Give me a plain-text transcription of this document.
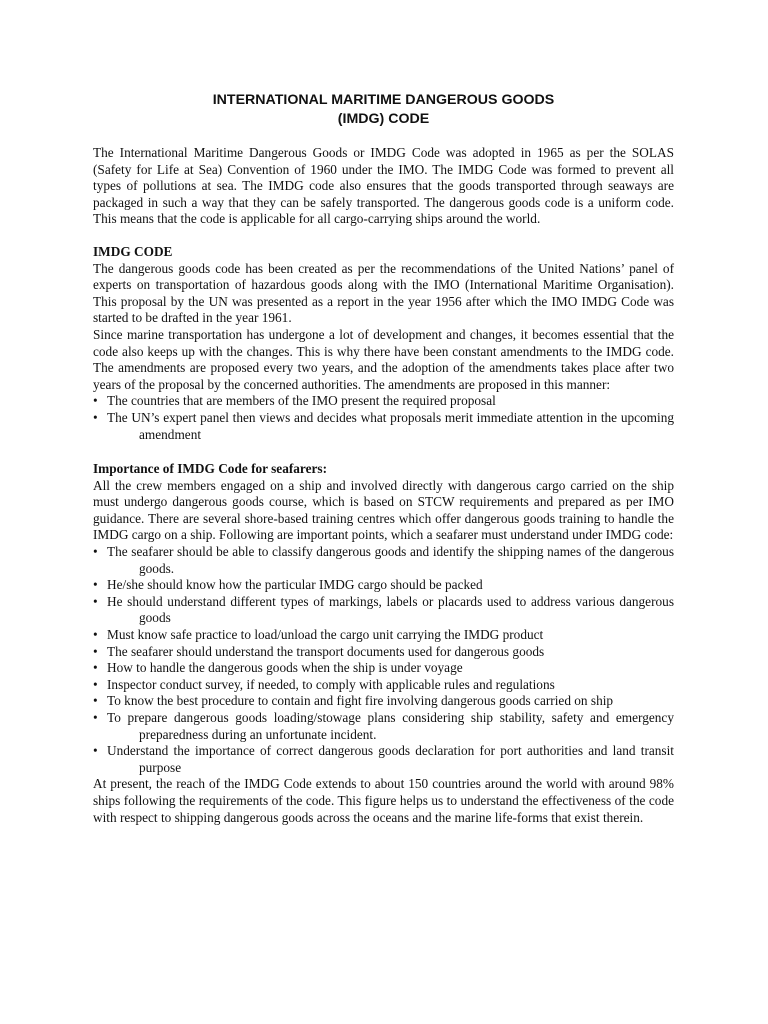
INTERNATIONAL MARITIME DANGEROUS GOODS
(IMDG) CODE

The International Maritime Dangerous Goods or IMDG Code was adopted in 1965 as per the SOLAS (Safety for Life at Sea) Convention of 1960 under the IMO. The IMDG Code was formed to prevent all types of pollutions at sea. The IMDG code also ensures that the goods transported through seaways are packaged in such a way that they can be safely transported. The dangerous goods code is a uniform code. This means that the code is applicable for all cargo-carrying ships around the world.

IMDG CODE

The dangerous goods code has been created as per the recommendations of the United Nations’ panel of experts on transportation of hazardous goods along with the IMO (International Maritime Organisation). This proposal by the UN was presented as a report in the year 1956 after which the IMO IMDG Code was started to be drafted in the year 1961.

Since marine transportation has undergone a lot of development and changes, it becomes essential that the code also keeps up with the changes. This is why there have been constant amendments to the IMDG code. The amendments are proposed every two years, and the adoption of the amendments takes place after two years of the proposal by the concerned authorities. The amendments are proposed in this manner:

• The countries that are members of the IMO present the required proposal
• The UN’s expert panel then views and decides what proposals merit immediate attention in the upcoming amendment
Importance of IMDG Code for seafarers:

All the crew members engaged on a ship and involved directly with dangerous cargo carried on the ship must undergo dangerous goods course, which is based on STCW requirements and prepared as per IMO guidance. There are several shore-based training centres which offer dangerous goods training to handle the IMDG cargo on a ship. Following are important points, which a seafarer must understand under IMDG code:

• The seafarer should be able to classify dangerous goods and identify the shipping names of the dangerous goods.
• He/she should know how the particular IMDG cargo should be packed
• He should understand different types of markings, labels or placards used to address various dangerous goods
• Must know safe practice to load/unload the cargo unit carrying the IMDG product
• The seafarer should understand the transport documents used for dangerous goods
• How to handle the dangerous goods when the ship is under voyage
• Inspector conduct survey, if needed, to comply with applicable rules and regulations
• To know the best procedure to contain and fight fire involving dangerous goods carried on ship
• To prepare dangerous goods loading/stowage plans considering ship stability, safety and emergency preparedness during an unfortunate incident.
• Understand the importance of correct dangerous goods declaration for port authorities and land transit purpose

At present, the reach of the IMDG Code extends to about 150 countries around the world with around 98% ships following the requirements of the code. This figure helps us to understand the effectiveness of the code with respect to shipping dangerous goods across the oceans and the marine life-forms that exist therein.
